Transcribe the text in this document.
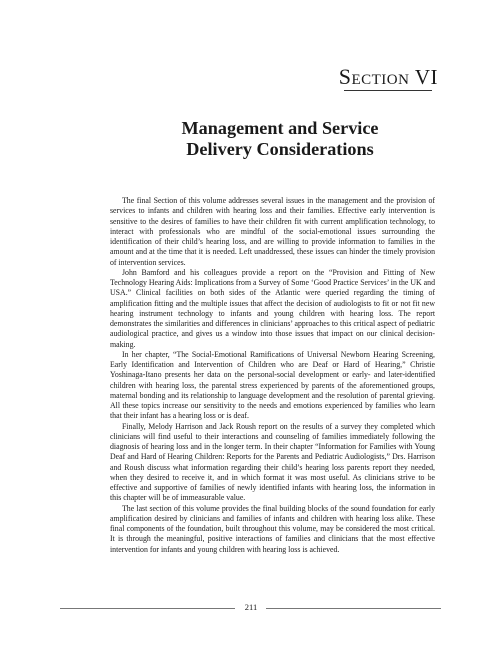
Section VI
Management and Service
Delivery Considerations

The final Section of this volume addresses several issues in the management and the provision of services to infants and children with hearing loss and their families. Effective early intervention is sensitive to the desires of families to have their children fit with current amplification technology, to interact with professionals who are mindful of the social-emotional issues surrounding the identification of their child’s hearing loss, and are willing to provide information to families in the amount and at the time that it is needed. Left unaddressed, these issues can hinder the timely provision of intervention services.

John Bamford and his colleagues provide a report on the “Provision and Fitting of New Technology Hearing Aids: Implications from a Survey of Some ‘Good Practice Services’ in the UK and USA.” Clinical facilities on both sides of the Atlantic were queried regarding the timing of amplification fitting and the multiple issues that affect the decision of audiologists to fit or not fit new hearing instrument technology to infants and young children with hearing loss. The report demonstrates the similarities and differences in clinicians’ approaches to this critical aspect of pediatric audiological practice, and gives us a window into those issues that impact on our clinical decision-making.

In her chapter, “The Social-Emotional Ramifications of Universal Newborn Hearing Screening, Early Identification and Intervention of Children who are Deaf or Hard of Hearing,” Christie Yoshinaga-Itano presents her data on the personal-social development or early- and later-identified children with hearing loss, the parental stress experienced by parents of the aforementioned groups, maternal bonding and its relationship to language development and the resolution of parental grieving. All these topics increase our sensitivity to the needs and emotions experienced by families who learn that their infant has a hearing loss or is deaf.

Finally, Melody Harrison and Jack Roush report on the results of a survey they completed which clinicians will find useful to their interactions and counseling of families immediately following the diagnosis of hearing loss and in the longer term. In their chapter “Information for Families with Young Deaf and Hard of Hearing Children: Reports for the Parents and Pediatric Audiologists,” Drs. Harrison and Roush discuss what information regarding their child’s hearing loss parents report they needed, when they desired to receive it, and in which format it was most useful. As clinicians strive to be effective and supportive of families of newly identified infants with hearing loss, the information in this chapter will be of immeasurable value.

The last section of this volume provides the final building blocks of the sound foundation for early amplification desired by clinicians and families of infants and children with hearing loss alike. These final components of the foundation, built throughout this volume, may be considered the most critical. It is through the meaningful, positive interactions of families and clinicians that the most effective intervention for infants and young children with hearing loss is achieved.

211
